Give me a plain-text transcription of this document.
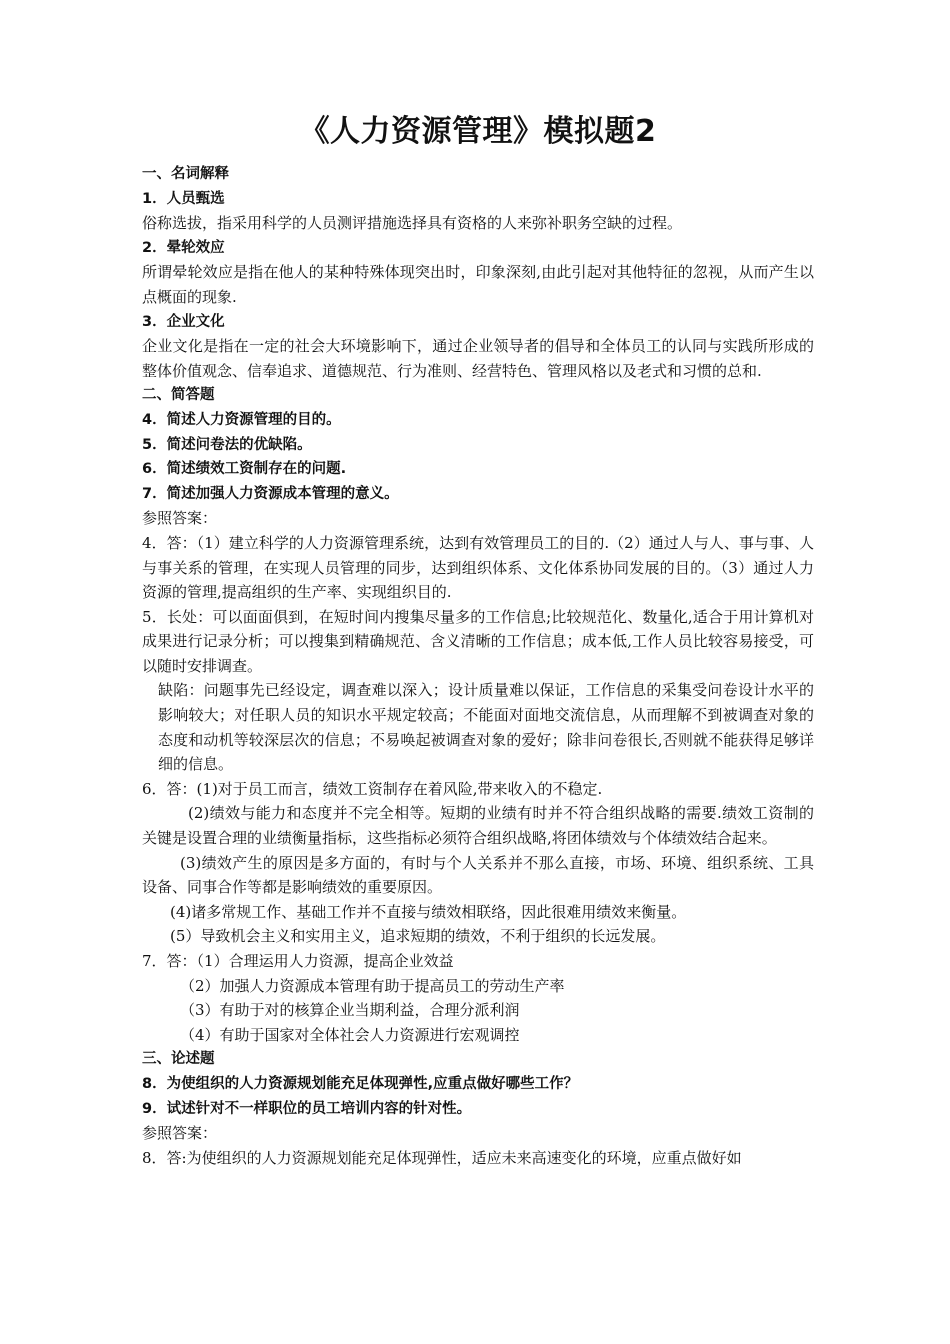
《人力资源管理》模拟题2

一、名词解释

1．人员甄选

俗称选拔，指采用科学的人员测评措施选择具有资格的人来弥补职务空缺的过程。

2．晕轮效应

所谓晕轮效应是指在他人的某种特殊体现突出时，印象深刻,由此引起对其他特征的忽视，从而产生以点概面的现象.

3．企业文化

企业文化是指在一定的社会大环境影响下，通过企业领导者的倡导和全体员工的认同与实践所形成的整体价值观念、信奉追求、道德规范、行为准则、经营特色、管理风格以及老式和习惯的总和.

二、简答题

4．简述人力资源管理的目的。

5．简述问卷法的优缺陷。

6．简述绩效工资制存在的问题.

7．简述加强人力资源成本管理的意义。

参照答案：

4．答：（1）建立科学的人力资源管理系统，达到有效管理员工的目的.（2）通过人与人、事与事、人与事关系的管理，在实现人员管理的同步，达到组织体系、文化体系协同发展的目的。（3）通过人力资源的管理,提高组织的生产率、实现组织目的.

5．长处：可以面面俱到，在短时间内搜集尽量多的工作信息;比较规范化、数量化,适合于用计算机对成果进行记录分析；可以搜集到精确规范、含义清晰的工作信息；成本低,工作人员比较容易接受，可以随时安排调查。

缺陷：问题事先已经设定，调查难以深入；设计质量难以保证，工作信息的采集受问卷设计水平的影响较大；对任职人员的知识水平规定较高；不能面对面地交流信息，从而理解不到被调查对象的态度和动机等较深层次的信息；不易唤起被调查对象的爱好；除非问卷很长,否则就不能获得足够详细的信息。

6．答：(1)对于员工而言，绩效工资制存在着风险,带来收入的不稳定.

(2)绩效与能力和态度并不完全相等。短期的业绩有时并不符合组织战略的需要.绩效工资制的关键是设置合理的业绩衡量指标，这些指标必须符合组织战略,将团体绩效与个体绩效结合起来。

(3)绩效产生的原因是多方面的，有时与个人关系并不那么直接，市场、环境、组织系统、工具设备、同事合作等都是影响绩效的重要原因。

(4)诸多常规工作、基础工作并不直接与绩效相联络，因此很难用绩效来衡量。

(5）导致机会主义和实用主义，追求短期的绩效，不利于组织的长远发展。

7．答：（1）合理运用人力资源，提高企业效益

（2）加强人力资源成本管理有助于提高员工的劳动生产率

（3）有助于对的核算企业当期利益，合理分派利润

（4）有助于国家对全体社会人力资源进行宏观调控

三、论述题

8．为使组织的人力资源规划能充足体现弹性,应重点做好哪些工作？

9．试述针对不一样职位的员工培训内容的针对性。

参照答案：

8．答:为使组织的人力资源规划能充足体现弹性，适应未来高速变化的环境，应重点做好如
